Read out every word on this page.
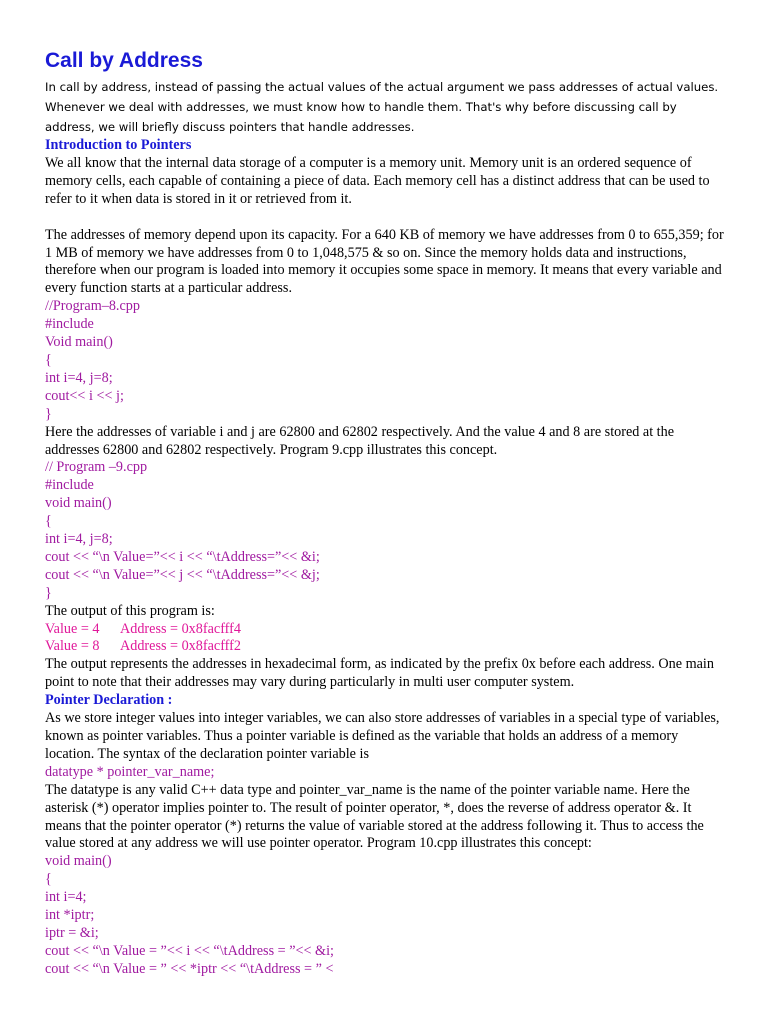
Call by Address

In call by address, instead of passing the actual values of the actual argument we pass addresses of actual values. Whenever we deal with addresses, we must know how to handle them. That's why before discussing call by address, we will briefly discuss pointers that handle addresses.

Introduction to Pointers

We all know that the internal data storage of a computer is a memory unit. Memory unit is an ordered sequence of memory cells, each capable of containing a piece of data. Each memory cell has a distinct address that can be used to refer to it when data is stored in it or retrieved from it.

The addresses of memory depend upon its capacity. For a 640 KB of memory we have addresses from 0 to 655,359; for 1 MB of memory we have addresses from 0 to 1,048,575 & so on. Since the memory holds data and instructions, therefore when our program is loaded into memory it occupies some space in memory. It means that every variable and every function starts at a particular address.

//Program–8.cpp

#include

Void main()

{

int i=4, j=8;

cout<< i << j;

}

Here the addresses of variable i and j are 62800 and 62802 respectively. And the value 4 and 8 are stored at the addresses 62800 and 62802 respectively. Program 9.cpp illustrates this concept.

// Program –9.cpp

#include

void main()

{

int i=4, j=8;

cout << “\n Value=”<< i << “\tAddress=”<< &i;

cout << “\n Value=”<< j << “\tAddress=”<< &j;

}

The output of this program is:

Value = 4 Address = 0x8facfff4

Value = 8 Address = 0x8facfff2

The output represents the addresses in hexadecimal form, as indicated by the prefix 0x before each address. One main point to note that their addresses may vary during particularly in multi user computer system.

Pointer Declaration :

As we store integer values into integer variables, we can also store addresses of variables in a special type of variables, known as pointer variables. Thus a pointer variable is defined as the variable that holds an address of a memory location. The syntax of the declaration pointer variable is

datatype * pointer_var_name;

The datatype is any valid C++ data type and pointer_var_name is the name of the pointer variable name. Here the asterisk (*) operator implies pointer to. The result of pointer operator, *, does the reverse of address operator &. It means that the pointer operator (*) returns the value of variable stored at the address following it. Thus to access the value stored at any address we will use pointer operator. Program 10.cpp illustrates this concept:

void main()

{

int i=4;

int *iptr;

iptr = &i;

cout << “\n Value = ”<< i << “\tAddress = ”<< &i;

cout << “\n Value = ” << *iptr << “\tAddress = ” <
